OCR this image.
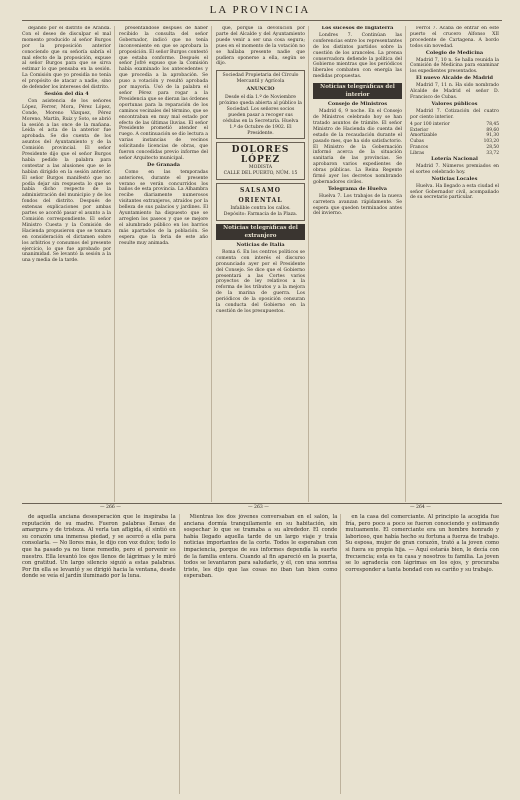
LA PROVINCIA

dejando por el distrito de Aranda. Con el deseo de disculpar el mal momento producido al señor Burgos por la proposición anterior conociendo que su señoría sabría el mal efecto de la proposición, expuse al señor Burgos para que se sirva estimar lo que pensaba en la sesión. La Comisión que yo presidía no tenía el propósito de atacar a nadie, sino de defender los intereses del distrito.

Sesión del día 4

Con asistencia de los señores López, Ferrer, Mora, Pérez López, Conde, Moreno Vázquez, Pérez Moreno, Martín, Ruiz y Soto, se abrió la sesión a las once de la mañana. Leída el acta de la anterior fue aprobada. Se dio cuenta de los asuntos del Ayuntamiento y de la Comisión provincial. El señor Presidente dijo que el señor Burgos había pedido la palabra para contestar a las alusiones que se le habían dirigido en la sesión anterior. El señor Burgos manifestó que no podía dejar sin respuesta lo que se había dicho respecto de la administración del municipio y de los fondos del distrito. Después de extensas explicaciones por ambas partes se acordó pasar el asunto a la Comisión correspondiente. El señor Ministro Cuesta y la Comisión de Hacienda propusieron que se tomara en consideración el dictamen sobre los arbitrios y consumos del presente ejercicio, lo que fue aprobado por unanimidad. Se levantó la sesión a la una y media de la tarde.

presentándose después de haber recibido la consulta del señor Gobernador, indicó que no tenía inconveniente en que se aprobara la proposición. El señor Burgos contestó que estaba conforme. Después el señor Jofré expuso que la Comisión había examinado los antecedentes y que procedía a la aprobación. Se puso a votación y resultó aprobada por mayoría. Usó de la palabra el señor Pérez para rogar a la Presidencia que se dieran las órdenes oportunas para la reparación de los caminos vecinales del término, que se encontraban en muy mal estado por efecto de las últimas lluvias. El señor Presidente prometió atender el ruego. A continuación se dio lectura a varias instancias de vecinos solicitando licencias de obras, que fueron concedidas previo informe del señor Arquitecto municipal.

De Granada

Como en las temporadas anteriores, durante el presente verano se verán concurridos los baños de esta provincia. La Alhambra recibe diariamente numerosos visitantes extranjeros, atraídos por la belleza de sus palacios y jardines. El Ayuntamiento ha dispuesto que se arreglen los paseos y que se mejore el alumbrado público en los barrios más apartados de la población. Se espera que la feria de este año resulte muy animada.

que, porque la devolución por parte del Alcalde y del Ayuntamiento puede venir a ser una cosa segura; pues en el momento de la votación no se hallaba presente nadie que pudiera oponerse a ella, según se dijo.

Sociedad Propietaria del Círculo Mercantil y Agrícola
ANUNCIO
Desde el día 1.º de Noviembre próximo queda abierta al público la Sociedad. Los señores socios pueden pasar a recoger sus cédulas en la Secretaría. Huelva 1.º de Octubre de 1902. El Presidente.
DOLORES LÓPEZ
MODISTA
CALLE DEL PUERTO, NÚM. 15
SALSAMO ORIENTAL
Infalible contra los callos. Depósito: Farmacia de la Plaza.
Noticias telegráficas del extranjero

Noticias de Italia

Roma 6. En los centros políticos se comenta con interés el discurso pronunciado ayer por el Presidente del Consejo. Se dice que el Gobierno presentará a las Cortes varios proyectos de ley relativos a la reforma de los tributos y a la mejora de la marina de guerra. Los periódicos de la oposición censuran la conducta del Gobierno en la cuestión de los presupuestos.

Los sucesos de Inglaterra

Londres 7. Continúan las conferencias entre los representantes de los distintos partidos sobre la cuestión de los aranceles. La prensa conservadora defiende la política del Gobierno mientras que los periódicos liberales combaten con energía las medidas propuestas.

Noticias telegráficas del interior

Consejo de Ministros

Madrid 6, 9 noche. En el Consejo de Ministros celebrado hoy se han tratado asuntos de trámite. El señor Ministro de Hacienda dio cuenta del estado de la recaudación durante el pasado mes, que ha sido satisfactorio. El Ministro de la Gobernación informó acerca de la situación sanitaria de las provincias. Se aprobaron varios expedientes de obras públicas. La Reina Regente firmó ayer los decretos nombrando gobernadores civiles.

Telegrama de Huelva

Huelva 7. Los trabajos de la nueva carretera avanzan rápidamente. Se espera que queden terminados antes del invierno.

Ferrol 7. Acaba de entrar en este puerto el crucero Alfonso XII procedente de Cartagena. A bordo todos sin novedad.

Colegio de Medicina

Madrid 7, 10 n. Se halla reunida la Comisión de Medicina para examinar los expedientes presentados.

El nuevo Alcalde de Madrid

Madrid 7, 11 n. Ha sido nombrado Alcalde de Madrid el señor D. Francisco de Cubas.

Valores públicos

Madrid 7. Cotización del cuatro por ciento interior.

4 por 100 interior	78,45
Exterior	89,60
Amortizable	91,30
Cubas	103,20
Francos	28,50
Libras	33,72

Lotería Nacional

Madrid 7. Números premiados en el sorteo celebrado hoy.

Noticias Locales

Huelva. Ha llegado a esta ciudad el señor Gobernador civil, acompañado de su secretario particular.

— 266 —	— 263 —	— 264 —

de aquella anciana desesperación que le inspiraba la reputación de su madre. Fueron palabras llenas de amargura y de tristeza. Al verla tan afligida, él sintió en su corazón una inmensa piedad, y se acercó a ella para consolarla. — No llores más, le dijo con voz dulce; todo lo que ha pasado ya no tiene remedio, pero el porvenir es nuestro. Ella levantó los ojos llenos de lágrimas y le miró con gratitud. Un largo silencio siguió a estas palabras. Por fin ella se levantó y se dirigió hacia la ventana, desde donde se veía el jardín iluminado por la luna.

Mientras los dos jóvenes conversaban en el salón, la anciana dormía tranquilamente en su habitación, sin sospechar lo que se tramaba a su alrededor. El conde había llegado aquella tarde de un largo viaje y traía noticias importantes de la corte. Todos le esperaban con impaciencia, porque de sus informes dependía la suerte de la familia entera. Cuando al fin apareció en la puerta, todos se levantaron para saludarle, y él, con una sonrisa triste, les dijo que las cosas no iban tan bien como esperaban.

en la casa del comerciante. Al principio la acogida fue fría, pero poco a poco se fueron conociendo y estimando mutuamente. El comerciante era un hombre honrado y laborioso, que había hecho su fortuna a fuerza de trabajo. Su esposa, mujer de gran corazón, trató a la joven como si fuera su propia hija. — Aquí estarás bien, le decía con frecuencia; esta es tu casa y nosotros tu familia. La joven se lo agradecía con lágrimas en los ojos, y procuraba corresponder a tanta bondad con su cariño y su trabajo.
